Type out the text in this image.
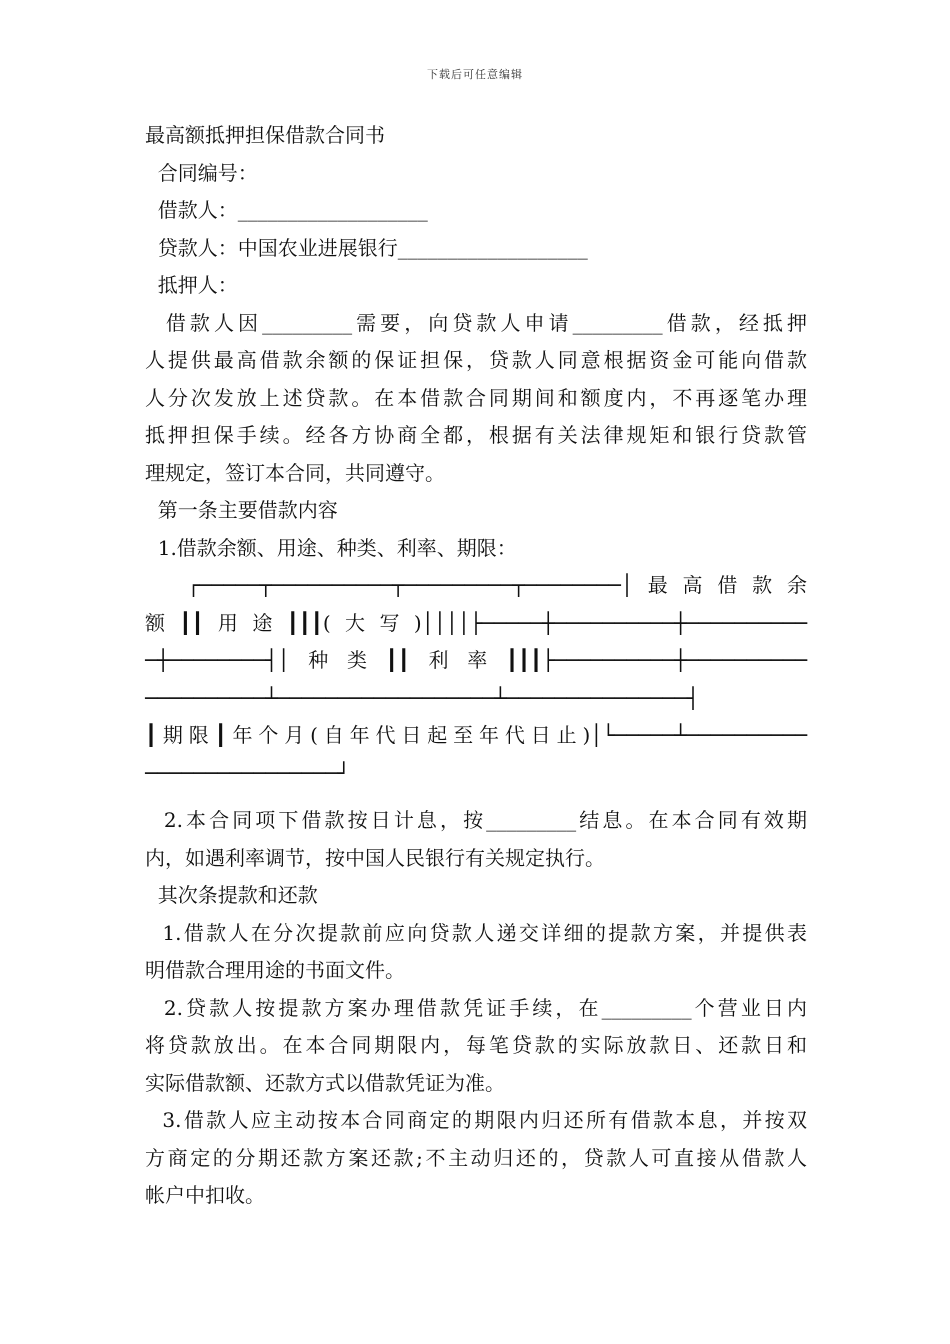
下载后可任意编辑
最高额抵押担保借款合同书
合同编号：
借款人：___________________
贷款人：中国农业进展银行___________________
抵押人：
借款人因_________需要，向贷款人申请_________借款，经抵押
人提供最高借款余额的保证担保，贷款人同意根据资金可能向借款
人分次发放上述贷款。在本借款合同期间和额度内，不再逐笔办理
抵押担保手续。经各方协商全都，根据有关法律规矩和银行贷款管
理规定，签订本合同，共同遵守。
第一条主要借款内容
1.借款余额、用途、种类、利率、期限：
┌─────┬──────────┬─────────┬────────│最高借款余
额┃┃用途┃┃┃(大写)││││├─────┼──────────┼──────────
─┼────────┤│种类┃┃利率┃┃┃├──────────┼──────────
──────────┴──────────────────┴───────────────┤
┃期限┃年个月(自年代日起至年代日止)│└─────┴──────────
────────────────┘
2.本合同项下借款按日计息，按_________结息。在本合同有效期
内，如遇利率调节，按中国人民银行有关规定执行。
其次条提款和还款
1.借款人在分次提款前应向贷款人递交详细的提款方案，并提供表
明借款合理用途的书面文件。
2.贷款人按提款方案办理借款凭证手续，在_________个营业日内
将贷款放出。在本合同期限内，每笔贷款的实际放款日、还款日和
实际借款额、还款方式以借款凭证为准。
3.借款人应主动按本合同商定的期限内归还所有借款本息，并按双
方商定的分期还款方案还款;不主动归还的，贷款人可直接从借款人
帐户中扣收。
